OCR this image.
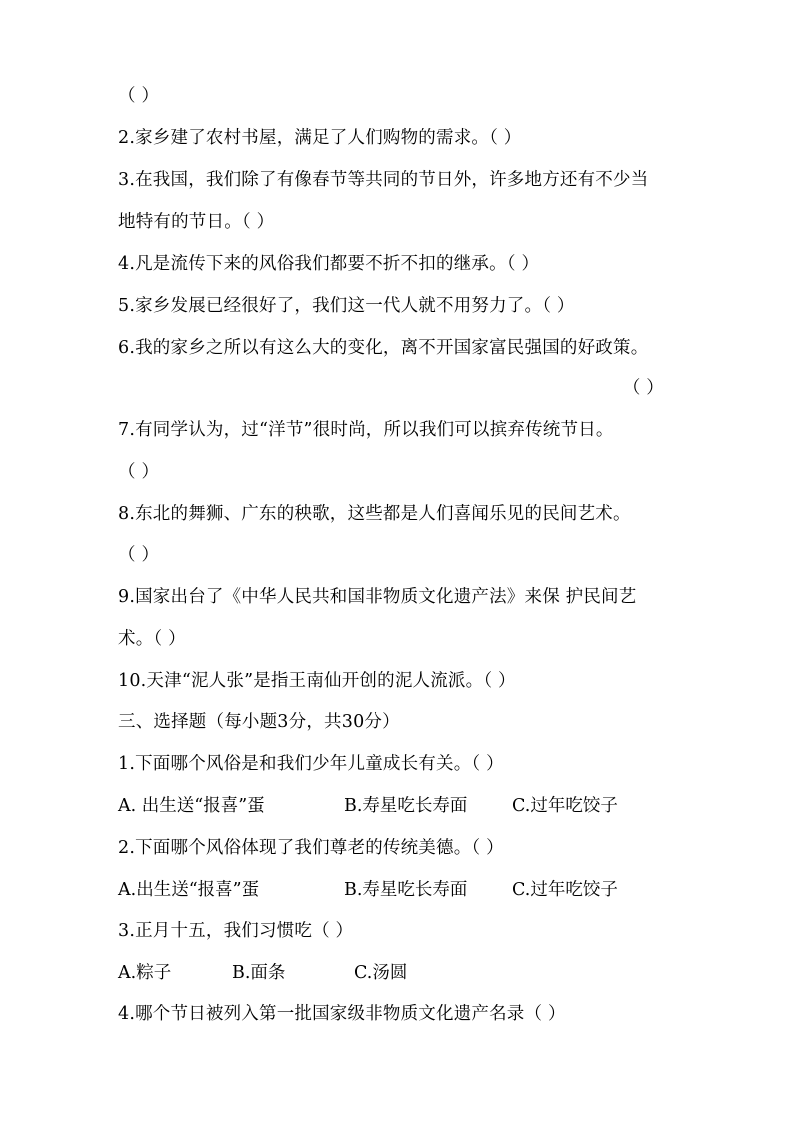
（ ）
2.家乡建了农村书屋，满足了人们购物的需求。（ ）
3.在我国，我们除了有像春节等共同的节日外，许多地方还有不少当
地特有的节日。（ ）
4.凡是流传下来的风俗我们都要不折不扣的继承。（ ）
5.家乡发展已经很好了，我们这一代人就不用努力了。（ ）
6.我的家乡之所以有这么大的变化，离不开国家富民强国的好政策。
（ ）
7.有同学认为，过“洋节”很时尚，所以我们可以摈弃传统节日。
（ ）
8.东北的舞狮、广东的秧歌，这些都是人们喜闻乐见的民间艺术。
（ ）
9.国家出台了《中华人民共和国非物质文化遗产法》来保 护民间艺
术。（ ）
10.天津“泥人张”是指王南仙开创的泥人流派。（ ）
三、选择题（每小题3分，共30分）
1.下面哪个风俗是和我们少年儿童成长有关。（ ）
A. 出生送“报喜”蛋	B.寿星吃长寿面	C.过年吃饺子
2.下面哪个风俗体现了我们尊老的传统美德。（ ）
A.出生送“报喜”蛋	B.寿星吃长寿面	C.过年吃饺子
3.正月十五，我们习惯吃（ ）
A.粽子	B.面条	C.汤圆
4.哪个节日被列入第一批国家级非物质文化遗产名录（ ）
